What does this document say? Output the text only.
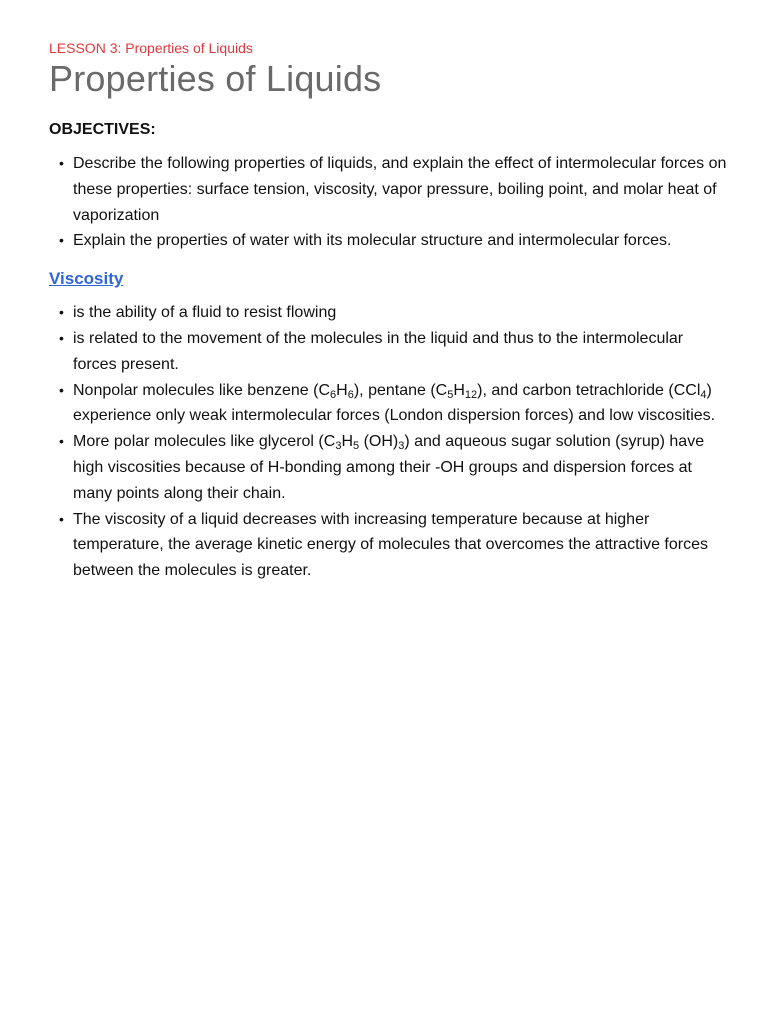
LESSON 3: Properties of Liquids

Properties of Liquids

OBJECTIVES:

• Describe the following properties of liquids, and explain the effect of intermolecular forces on these properties: surface tension, viscosity, vapor pressure, boiling point, and molar heat of vaporization
• Explain the properties of water with its molecular structure and intermolecular forces.
Viscosity
• is the ability of a fluid to resist flowing
• is related to the movement of the molecules in the liquid and thus to the intermolecular forces present.
• Nonpolar molecules like benzene $(C_6H_6)$, pentane $(C_5H_{12})$, and carbon tetrachloride (CCl$_4$) experience only weak intermolecular forces (London dispersion forces) and low viscosities.
• More polar molecules like glycerol ($C_3H_5$ $(OH)_3$) and aqueous sugar solution (syrup) have high viscosities because of H-bonding among their -OH groups and dispersion forces at many points along their chain.
• The viscosity of a liquid decreases with increasing temperature because at higher temperature, the average kinetic energy of molecules that overcomes the attractive forces between the molecules is greater.
